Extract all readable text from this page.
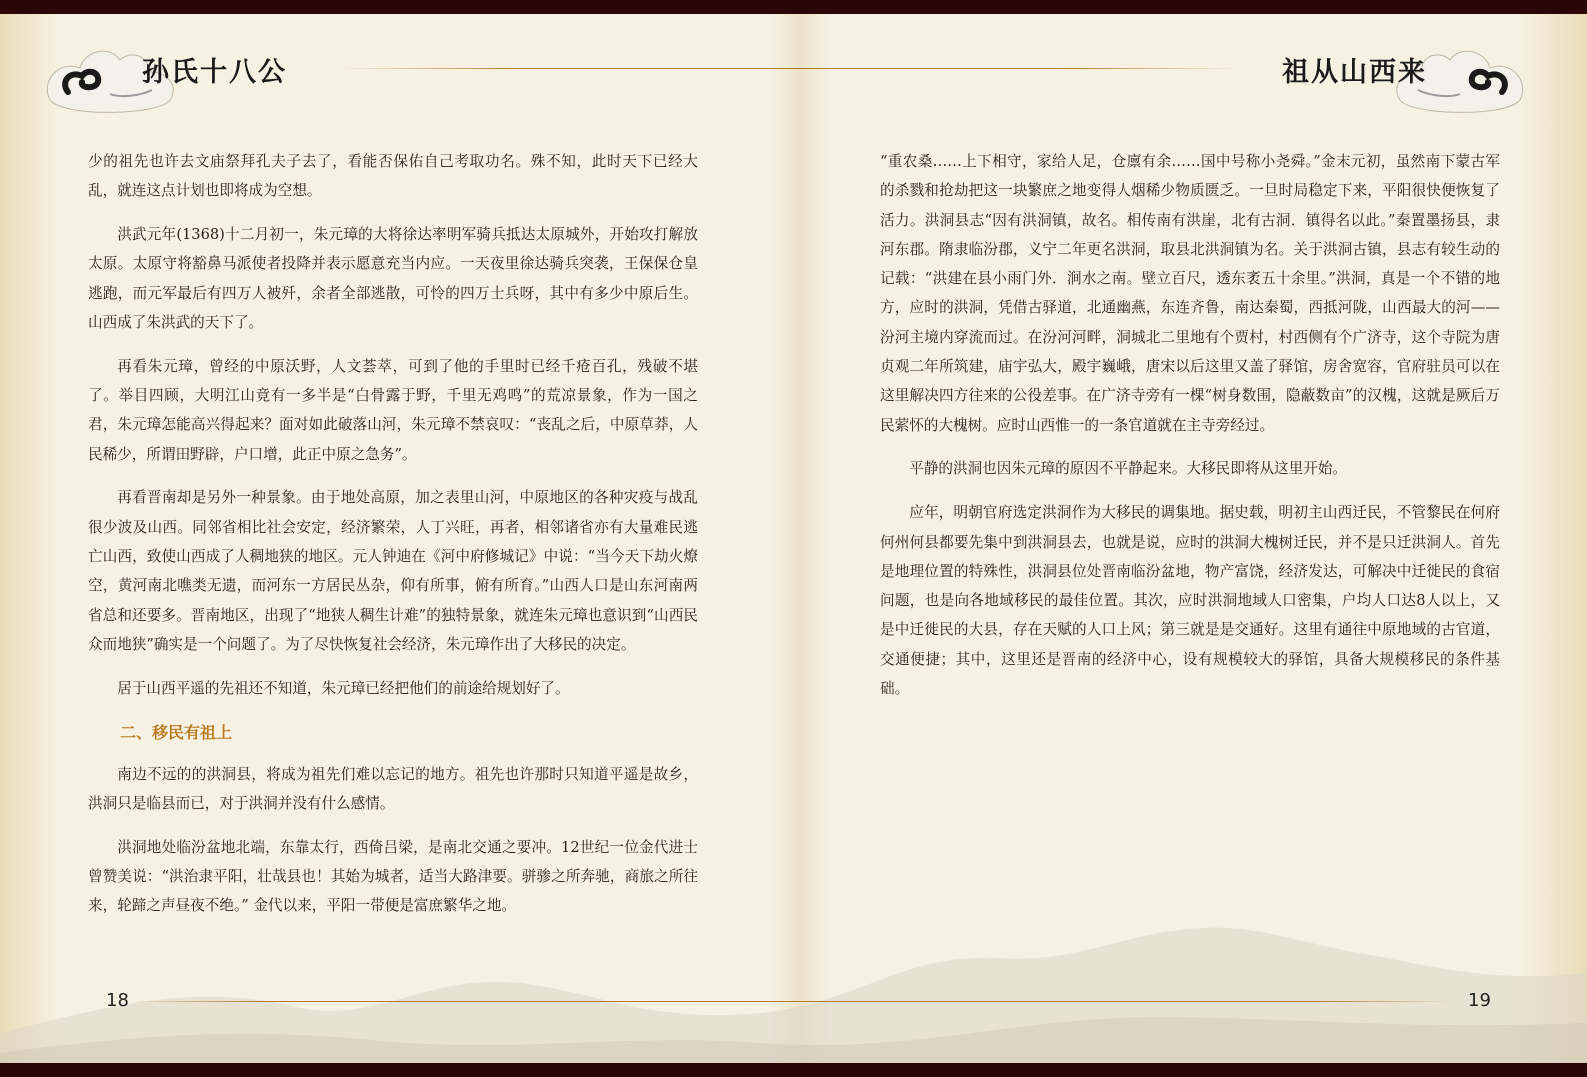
孙氏十八公	祖从山西来

少的祖先也许去文庙祭拜孔夫子去了，看能否保佑自己考取功名。殊不知，此时天下已经大乱，就连这点计划也即将成为空想。

洪武元年(1368)十二月初一，朱元璋的大将徐达率明军骑兵抵达太原城外，开始攻打解放太原。太原守将豁鼻马派使者投降并表示愿意充当内应。一天夜里徐达骑兵突袭，王保保仓皇逃跑，而元军最后有四万人被歼，余者全部逃散，可怜的四万士兵呀，其中有多少中原后生。山西成了朱洪武的天下了。

再看朱元璋，曾经的中原沃野，人文荟萃，可到了他的手里时已经千疮百孔，残破不堪了。举目四顾，大明江山竟有一多半是“白骨露于野，千里无鸡鸣”的荒凉景象，作为一国之君，朱元璋怎能高兴得起来？面对如此破落山河，朱元璋不禁哀叹：“丧乱之后，中原草莽，人民稀少，所谓田野辟，户口增，此正中原之急务”。

再看晋南却是另外一种景象。由于地处高原，加之表里山河，中原地区的各种灾疫与战乱很少波及山西。同邻省相比社会安定，经济繁荣，人丁兴旺，再者，相邻诸省亦有大量难民逃亡山西，致使山西成了人稠地狭的地区。元人钟迪在《河中府修城记》中说：“当今天下劫火燎空，黄河南北噍类无遗，而河东一方居民丛杂，仰有所事，俯有所育。”山西人口是山东河南两省总和还要多。晋南地区，出现了“地狭人稠生计难”的独特景象，就连朱元璋也意识到“山西民众而地狭”确实是一个问题了。为了尽快恢复社会经济，朱元璋作出了大移民的决定。

居于山西平遥的先祖还不知道，朱元璋已经把他们的前途给规划好了。

二、移民有祖上

南边不远的的洪洞县，将成为祖先们难以忘记的地方。祖先也许那时只知道平遥是故乡，洪洞只是临县而已，对于洪洞并没有什么感情。

洪洞地处临汾盆地北端，东靠太行，西倚吕梁，是南北交通之要冲。12世纪一位金代进士曾赞美说：“洪治隶平阳，壮哉县也！其始为城者，适当大路津要。骈骖之所奔驰，商旅之所往来，轮蹄之声昼夜不绝。” 金代以来，平阳一带便是富庶繁华之地。

“重农桑……上下相守，家给人足，仓廪有余……国中号称小尧舜。”金末元初，虽然南下蒙古军的杀戮和抢劫把这一块繁庶之地变得人烟稀少物质匮乏。一旦时局稳定下来，平阳很快便恢复了活力。洪洞县志“因有洪洞镇，故名。相传南有洪崖，北有古洞．镇得名以此。”秦置墨扬县，隶河东郡。隋隶临汾郡，义宁二年更名洪洞，取县北洪洞镇为名。关于洪洞古镇，县志有较生动的记载：“洪建在县小雨门外．涧水之南。壁立百尺，透东袤五十余里。”洪洞，真是一个不错的地方，应时的洪洞，凭借古驿道，北通幽燕，东连齐鲁，南达秦蜀，西抵河陇，山西最大的河——汾河主境内穿流而过。在汾河河畔，洞城北二里地有个贾村，村西侧有个广济寺，这个寺院为唐贞观二年所筑建，庙宇弘大，殿宇巍峨，唐宋以后这里又盖了驿馆，房舍宽容，官府驻员可以在这里解决四方往来的公役差事。在广济寺旁有一棵“树身数围，隐蔽数亩”的汉槐，这就是厥后万民萦怀的大槐树。应时山西惟一的一条官道就在主寺旁经过。

平静的洪洞也因朱元璋的原因不平静起来。大移民即将从这里开始。

应年，明朝官府选定洪洞作为大移民的调集地。据史载，明初主山西迁民，不管黎民在何府何州何县都要先集中到洪洞县去，也就是说，应时的洪洞大槐树迁民，并不是只迁洪洞人。首先是地理位置的特殊性，洪洞县位处晋南临汾盆地，物产富饶，经济发达，可解决中迁徙民的食宿问题，也是向各地域移民的最佳位置。其次，应时洪洞地域人口密集，户均人口达8人以上，又是中迁徙民的大县，存在天赋的人口上风；第三就是是交通好。这里有通往中原地域的古官道，交通便捷；其中，这里还是晋南的经济中心，设有规模较大的驿馆，具备大规模移民的条件基础。

18	19
